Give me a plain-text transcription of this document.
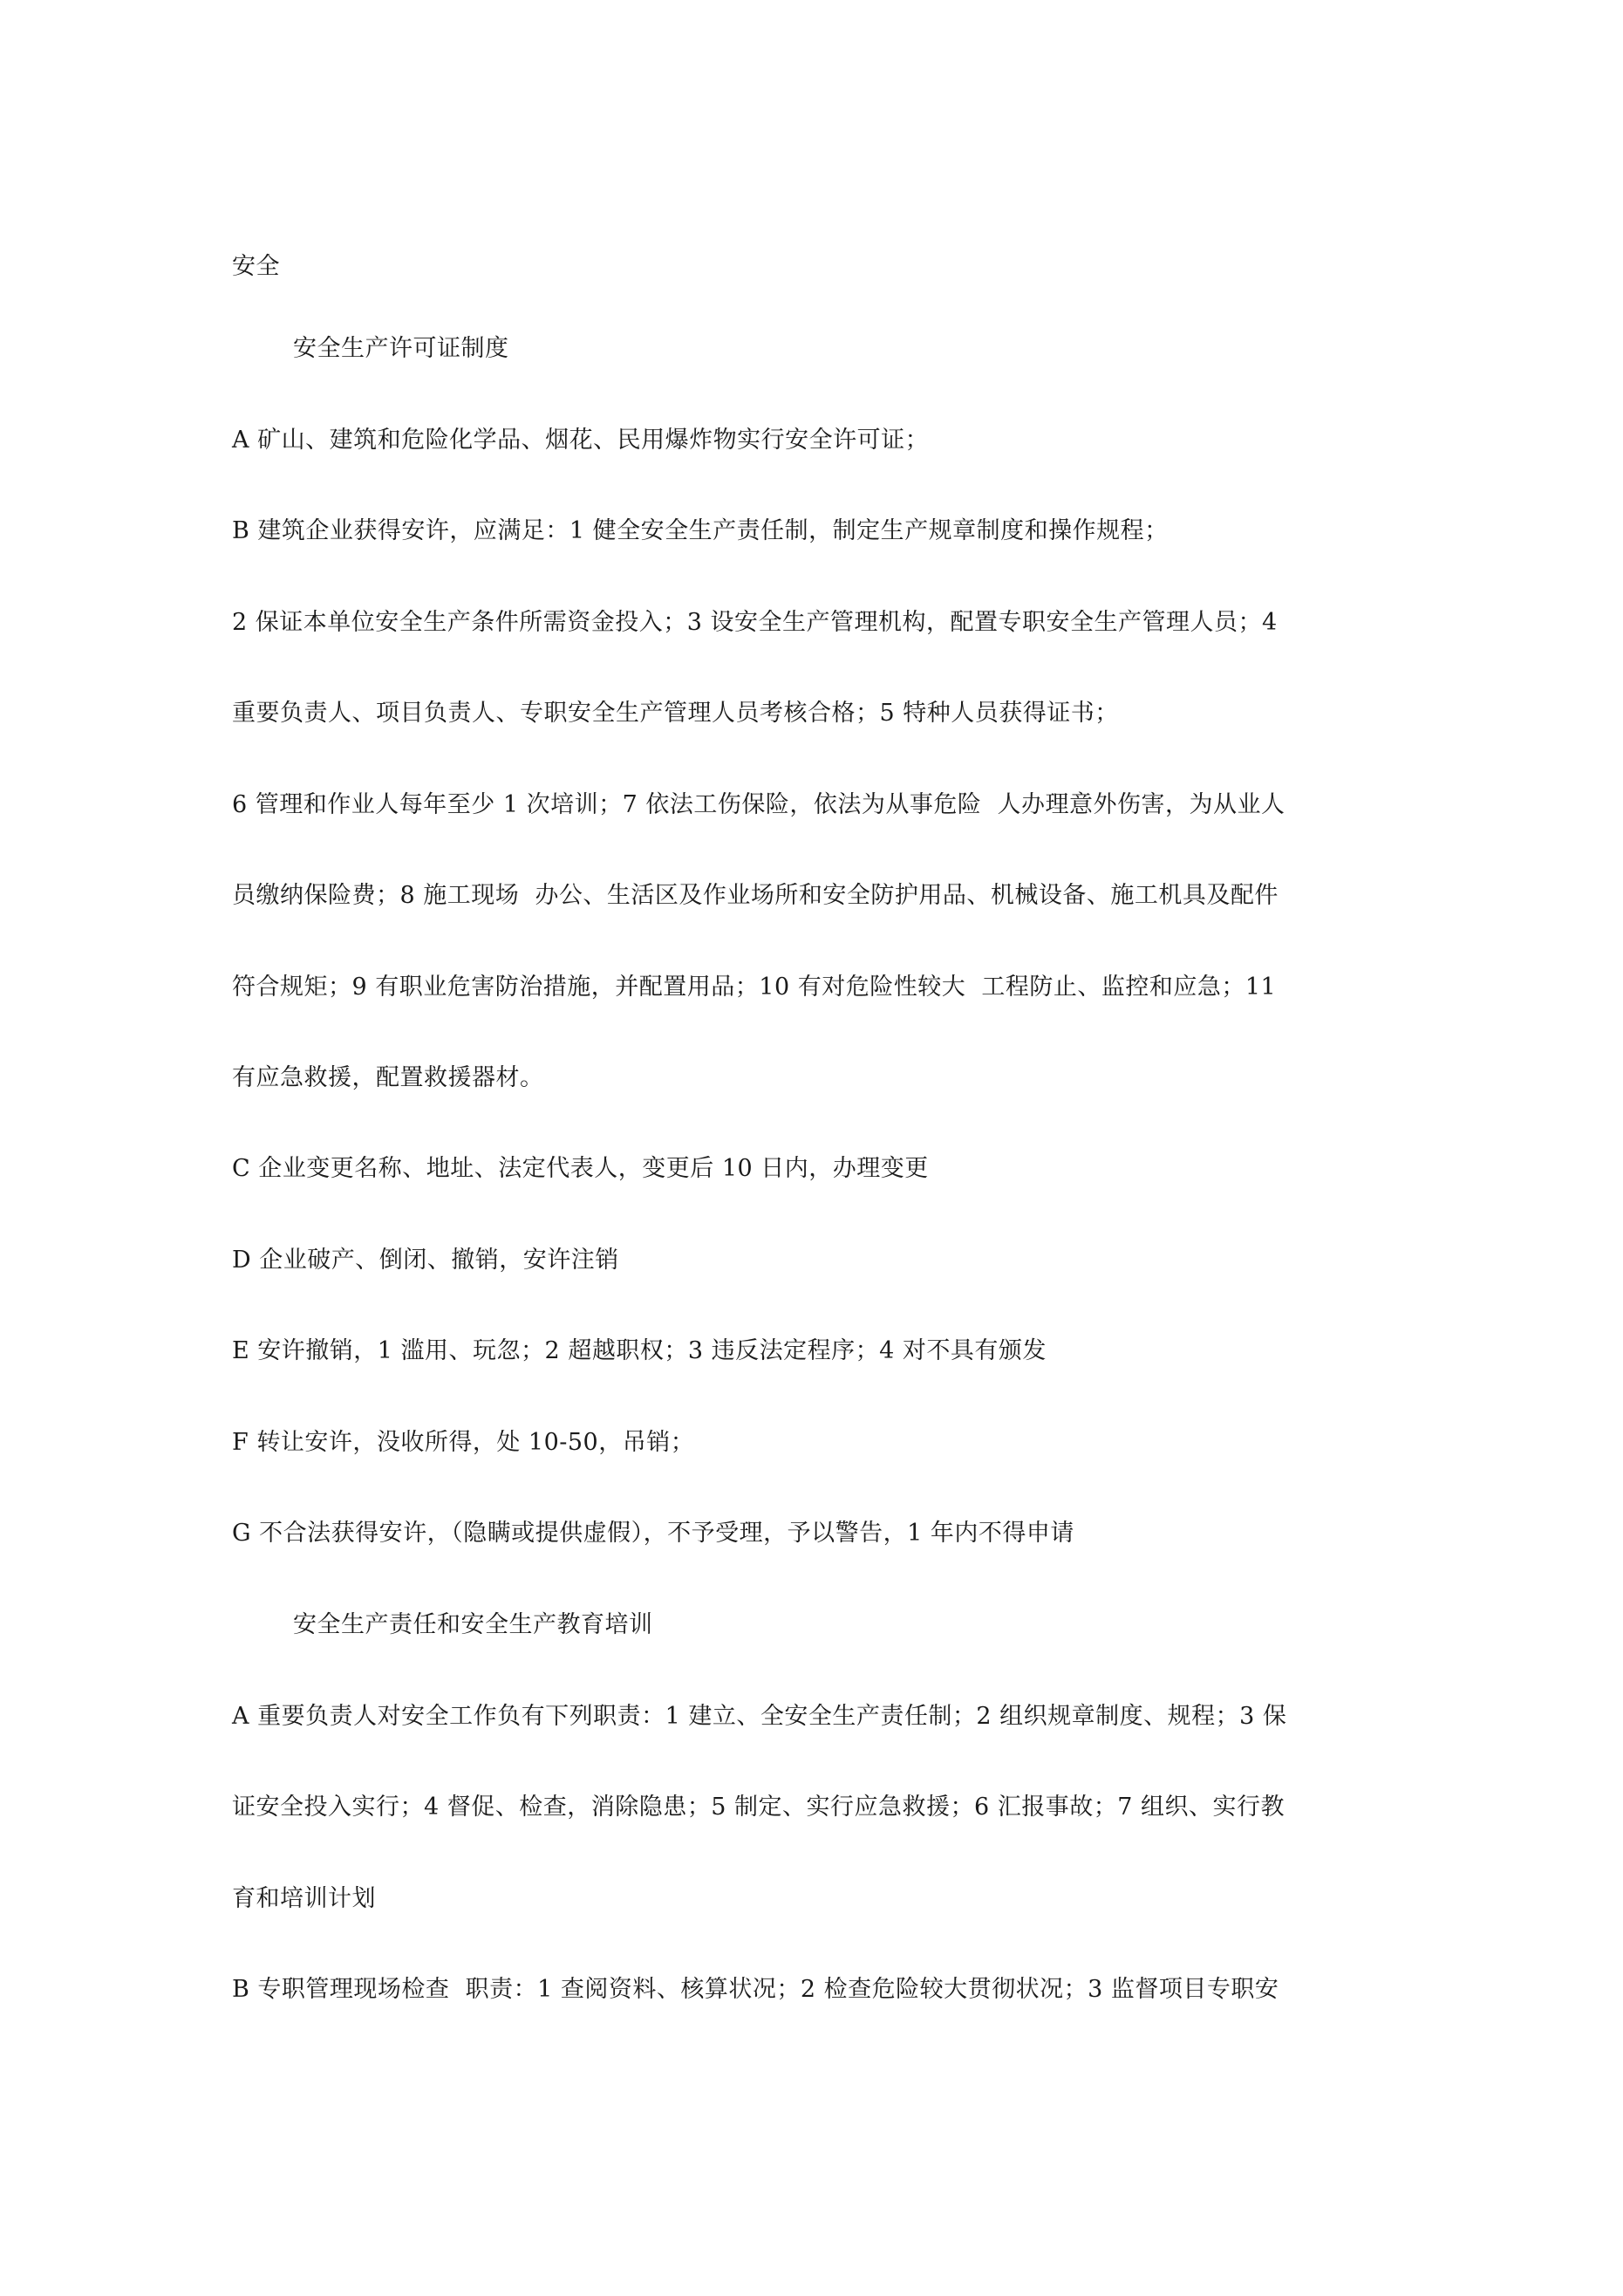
安全
安全生产许可证制度
A 矿山、建筑和危险化学品、烟花、民用爆炸物实行安全许可证；
B 建筑企业获得安许，应满足：1 健全安全生产责任制，制定生产规章制度和操作规程；
2 保证本单位安全生产条件所需资金投入；3 设安全生产管理机构，配置专职安全生产管理人员；4
重要负责人、项目负责人、专职安全生产管理人员考核合格；5 特种人员获得证书；
6 管理和作业人每年至少 1 次培训；7 依法工伤保险，依法为从事危险  人办理意外伤害，为从业人
员缴纳保险费；8 施工现场  办公、生活区及作业场所和安全防护用品、机械设备、施工机具及配件
符合规矩；9 有职业危害防治措施，并配置用品；10 有对危险性较大  工程防止、监控和应急；11
有应急救援，配置救援器材。
C 企业变更名称、地址、法定代表人，变更后 10 日内，办理变更
D 企业破产、倒闭、撤销，安许注销
E 安许撤销，1 滥用、玩忽；2 超越职权；3 违反法定程序；4 对不具有颁发
F 转让安许，没收所得，处 10-50，吊销；
G 不合法获得安许，（隐瞒或提供虚假），不予受理，予以警告，1 年内不得申请
安全生产责任和安全生产教育培训
A 重要负责人对安全工作负有下列职责：1 建立、全安全生产责任制；2 组织规章制度、规程；3 保
证安全投入实行；4 督促、检查，消除隐患；5 制定、实行应急救援；6 汇报事故；7 组织、实行教
育和培训计划
B 专职管理现场检查  职责：1 查阅资料、核算状况；2 检查危险较大贯彻状况；3 监督项目专职安
